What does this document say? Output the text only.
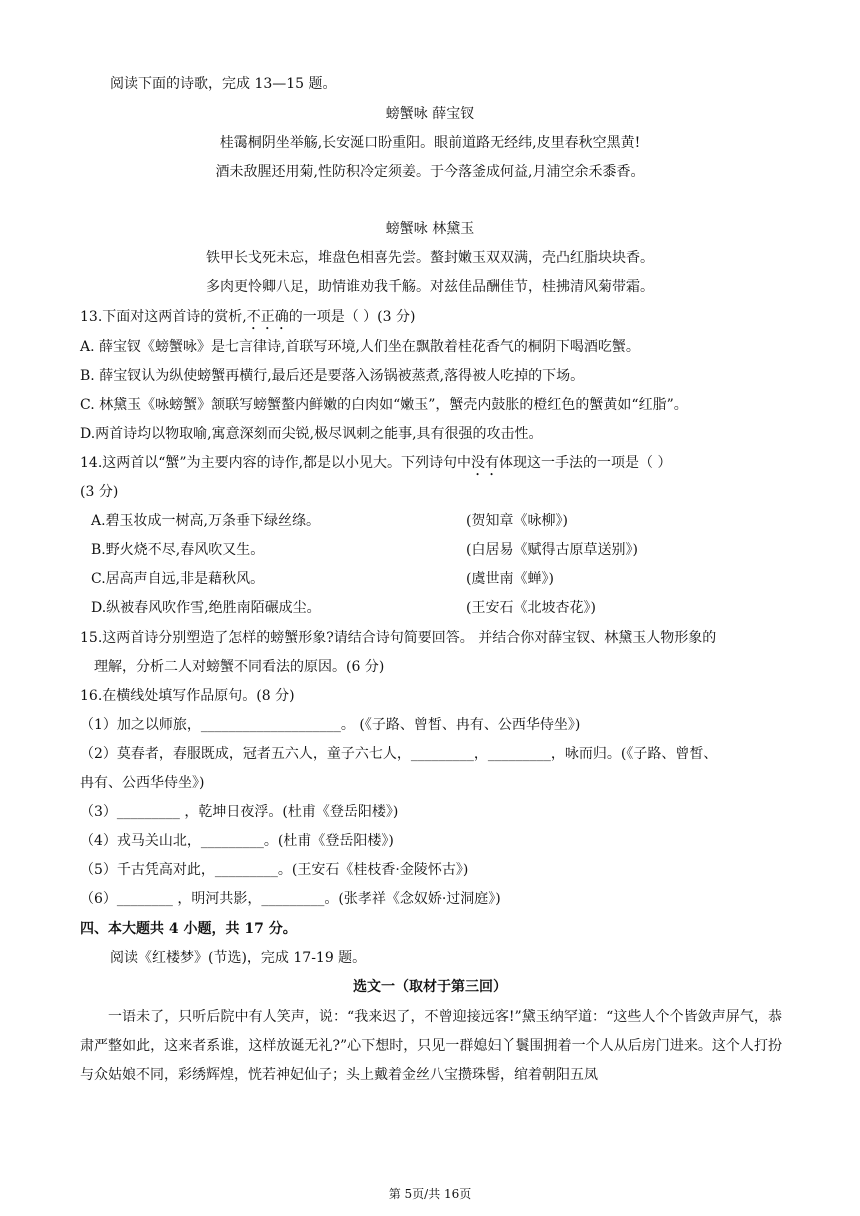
阅读下面的诗歌，完成 13—15 题。
螃蟹咏 薛宝钗
桂霭桐阴坐举觞,长安涎口盼重阳。眼前道路无经纬,皮里春秋空黑黄!
酒未敌腥还用菊,性防积冷定须姜。于今落釜成何益,月浦空余禾黍香。
螃蟹咏 林黛玉
铁甲长戈死未忘，堆盘色相喜先尝。螯封嫩玉双双满，壳凸红脂块块香。
多肉更怜卿八足，助情谁劝我千觞。对兹佳品酬佳节，桂拂清风菊带霜。
13.下面对这两首诗的赏析,不正确的一项是（ ）(3 分)
A. 薛宝钗《螃蟹咏》是七言律诗,首联写环境,人们坐在飘散着桂花香气的桐阴下喝酒吃蟹。
B. 薛宝钗认为纵使螃蟹再横行,最后还是要落入汤锅被蒸煮,落得被人吃掉的下场。
C. 林黛玉《咏螃蟹》颔联写螃蟹螯内鲜嫩的白肉如“嫩玉”，蟹壳内鼓胀的橙红色的蟹黄如“红脂”。
D.两首诗均以物取喻,寓意深刻而尖锐,极尽讽刺之能事,具有很强的攻击性。
14.这两首以“蟹”为主要内容的诗作,都是以小见大。下列诗句中没有体现这一手法的一项是（ ）
(3 分)
A.碧玉妆成一树高,万条垂下绿丝绦。	(贺知章《咏柳》)
B.野火烧不尽,春风吹又生。	(白居易《赋得古原草送别》)
C.居高声自远,非是藉秋风。	(虞世南《蝉》)
D.纵被春风吹作雪,绝胜南陌碾成尘。	(王安石《北坡杏花》)
15.这两首诗分别塑造了怎样的螃蟹形象?请结合诗句简要回答。 并结合你对薛宝钗、林黛玉人物形象的
理解，分析二人对螃蟹不同看法的原因。(6 分)
16.在横线处填写作品原句。(8 分)
（1）加之以师旅，____________________。 (《子路、曾皙、冉有、公西华侍坐》)
（2）莫春者，春服既成，冠者五六人，童子六七人，_________，_________，咏而归。(《子路、曾皙、
冉有、公西华侍坐》)
（3）_________ ，乾坤日夜浮。(杜甫《登岳阳楼》)
（4）戎马关山北，_________。(杜甫《登岳阳楼》)
（5）千古凭高对此，_________。(王安石《桂枝香·金陵怀古》)
（6）________ ，明河共影，_________。(张孝祥《念奴娇·过洞庭》)
四、本大题共 4 小题，共 17 分。
阅读《红楼梦》(节选)，完成 17-19 题。
选文一（取材于第三回）
一语未了，只听后院中有人笑声，说：“我来迟了，不曾迎接远客!”黛玉纳罕道：“这些人个个皆敛声屏气，恭肃严整如此，这来者系谁，这样放诞无礼?”心下想时，只见一群媳妇丫鬟围拥着一个人从后房门进来。这个人打扮与众姑娘不同，彩绣辉煌，恍若神妃仙子；头上戴着金丝八宝攒珠髻，绾着朝阳五凤
第 5页/共 16页
